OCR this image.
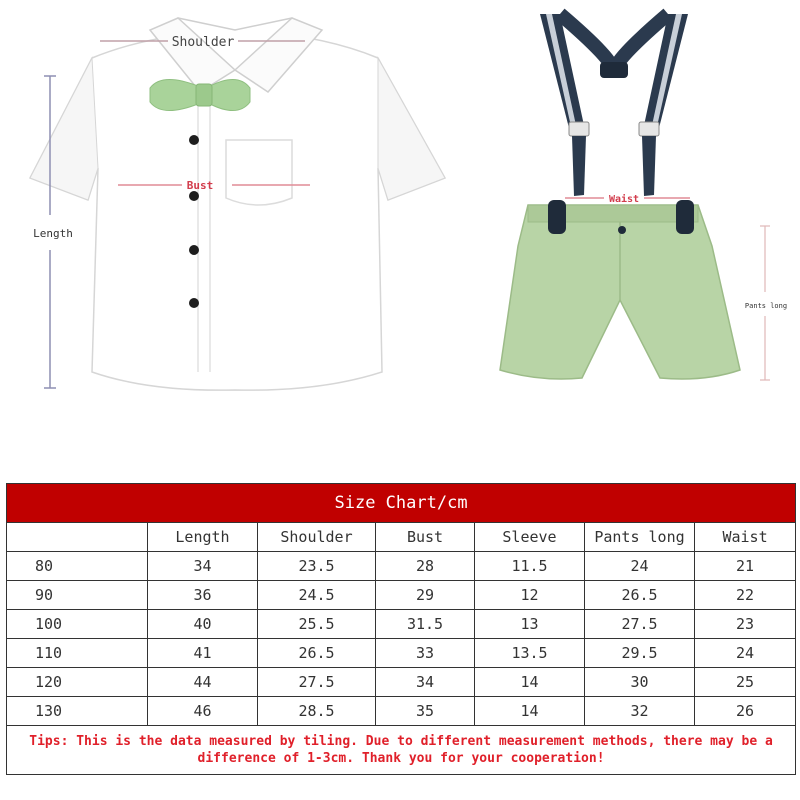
Shoulder
Bust
Length
Waist
Pants long
Size Chart/cm						
	Length	Shoulder	Bust	Sleeve	Pants long	Waist
80	34	23.5	28	11.5	24	21
90	36	24.5	29	12	26.5	22
100	40	25.5	31.5	13	27.5	23
110	41	26.5	33	13.5	29.5	24
120	44	27.5	34	14	30	25
130	46	28.5	35	14	32	26
Tips: This is the data measured by tiling. Due to different measurement methods, there may be a difference of 1-3cm. Thank you for your cooperation!						
